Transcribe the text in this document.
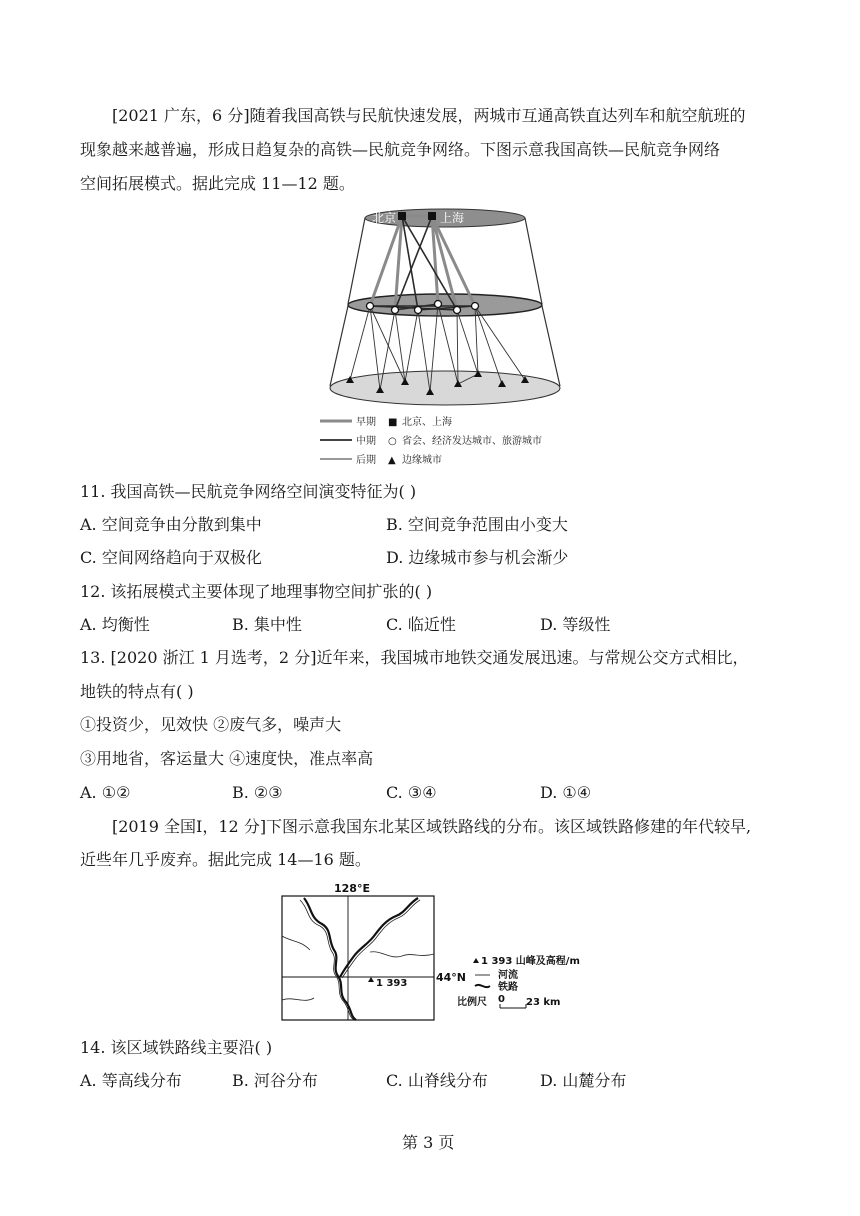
[2021 广东，6 分]随着我国高铁与民航快速发展，两城市互通高铁直达列车和航空航班的
现象越来越普遍，形成日趋复杂的高铁—民航竞争网络。下图示意我国高铁—民航竞争网络
空间拓展模式。据此完成 11—12 题。
北京	上海
早期 ■ 北京、上海
中期 ○ 省会、经济发达城市、旅游城市
后期 ▲ 边缘城市
11. 我国高铁—民航竞争网络空间演变特征为( )
A. 空间竞争由分散到集中	B. 空间竞争范围由小变大
C. 空间网络趋向于双极化	D. 边缘城市参与机会渐少
12. 该拓展模式主要体现了地理事物空间扩张的( )
A. 均衡性	B. 集中性	C. 临近性	D. 等级性
13. [2020 浙江 1 月选考，2 分]近年来，我国城市地铁交通发展迅速。与常规公交方式相比，
地铁的特点有( )
①投资少，见效快 ②废气多，噪声大
③用地省，客运量大 ④速度快，准点率高
A. ①②	B. ②③	C. ③④	D. ①④
[2019 全国I，12 分]下图示意我国东北某区域铁路线的分布。该区域铁路修建的年代较早,
近些年几乎废弃。据此完成 14—16 题。
128°E
1 393	44°N
1 393 山峰及高程/m
河流
铁路
比例尺 0 23 km
14. 该区域铁路线主要沿( )
A. 等高线分布	B. 河谷分布	C. 山脊线分布	D. 山麓分布
第 3 页
